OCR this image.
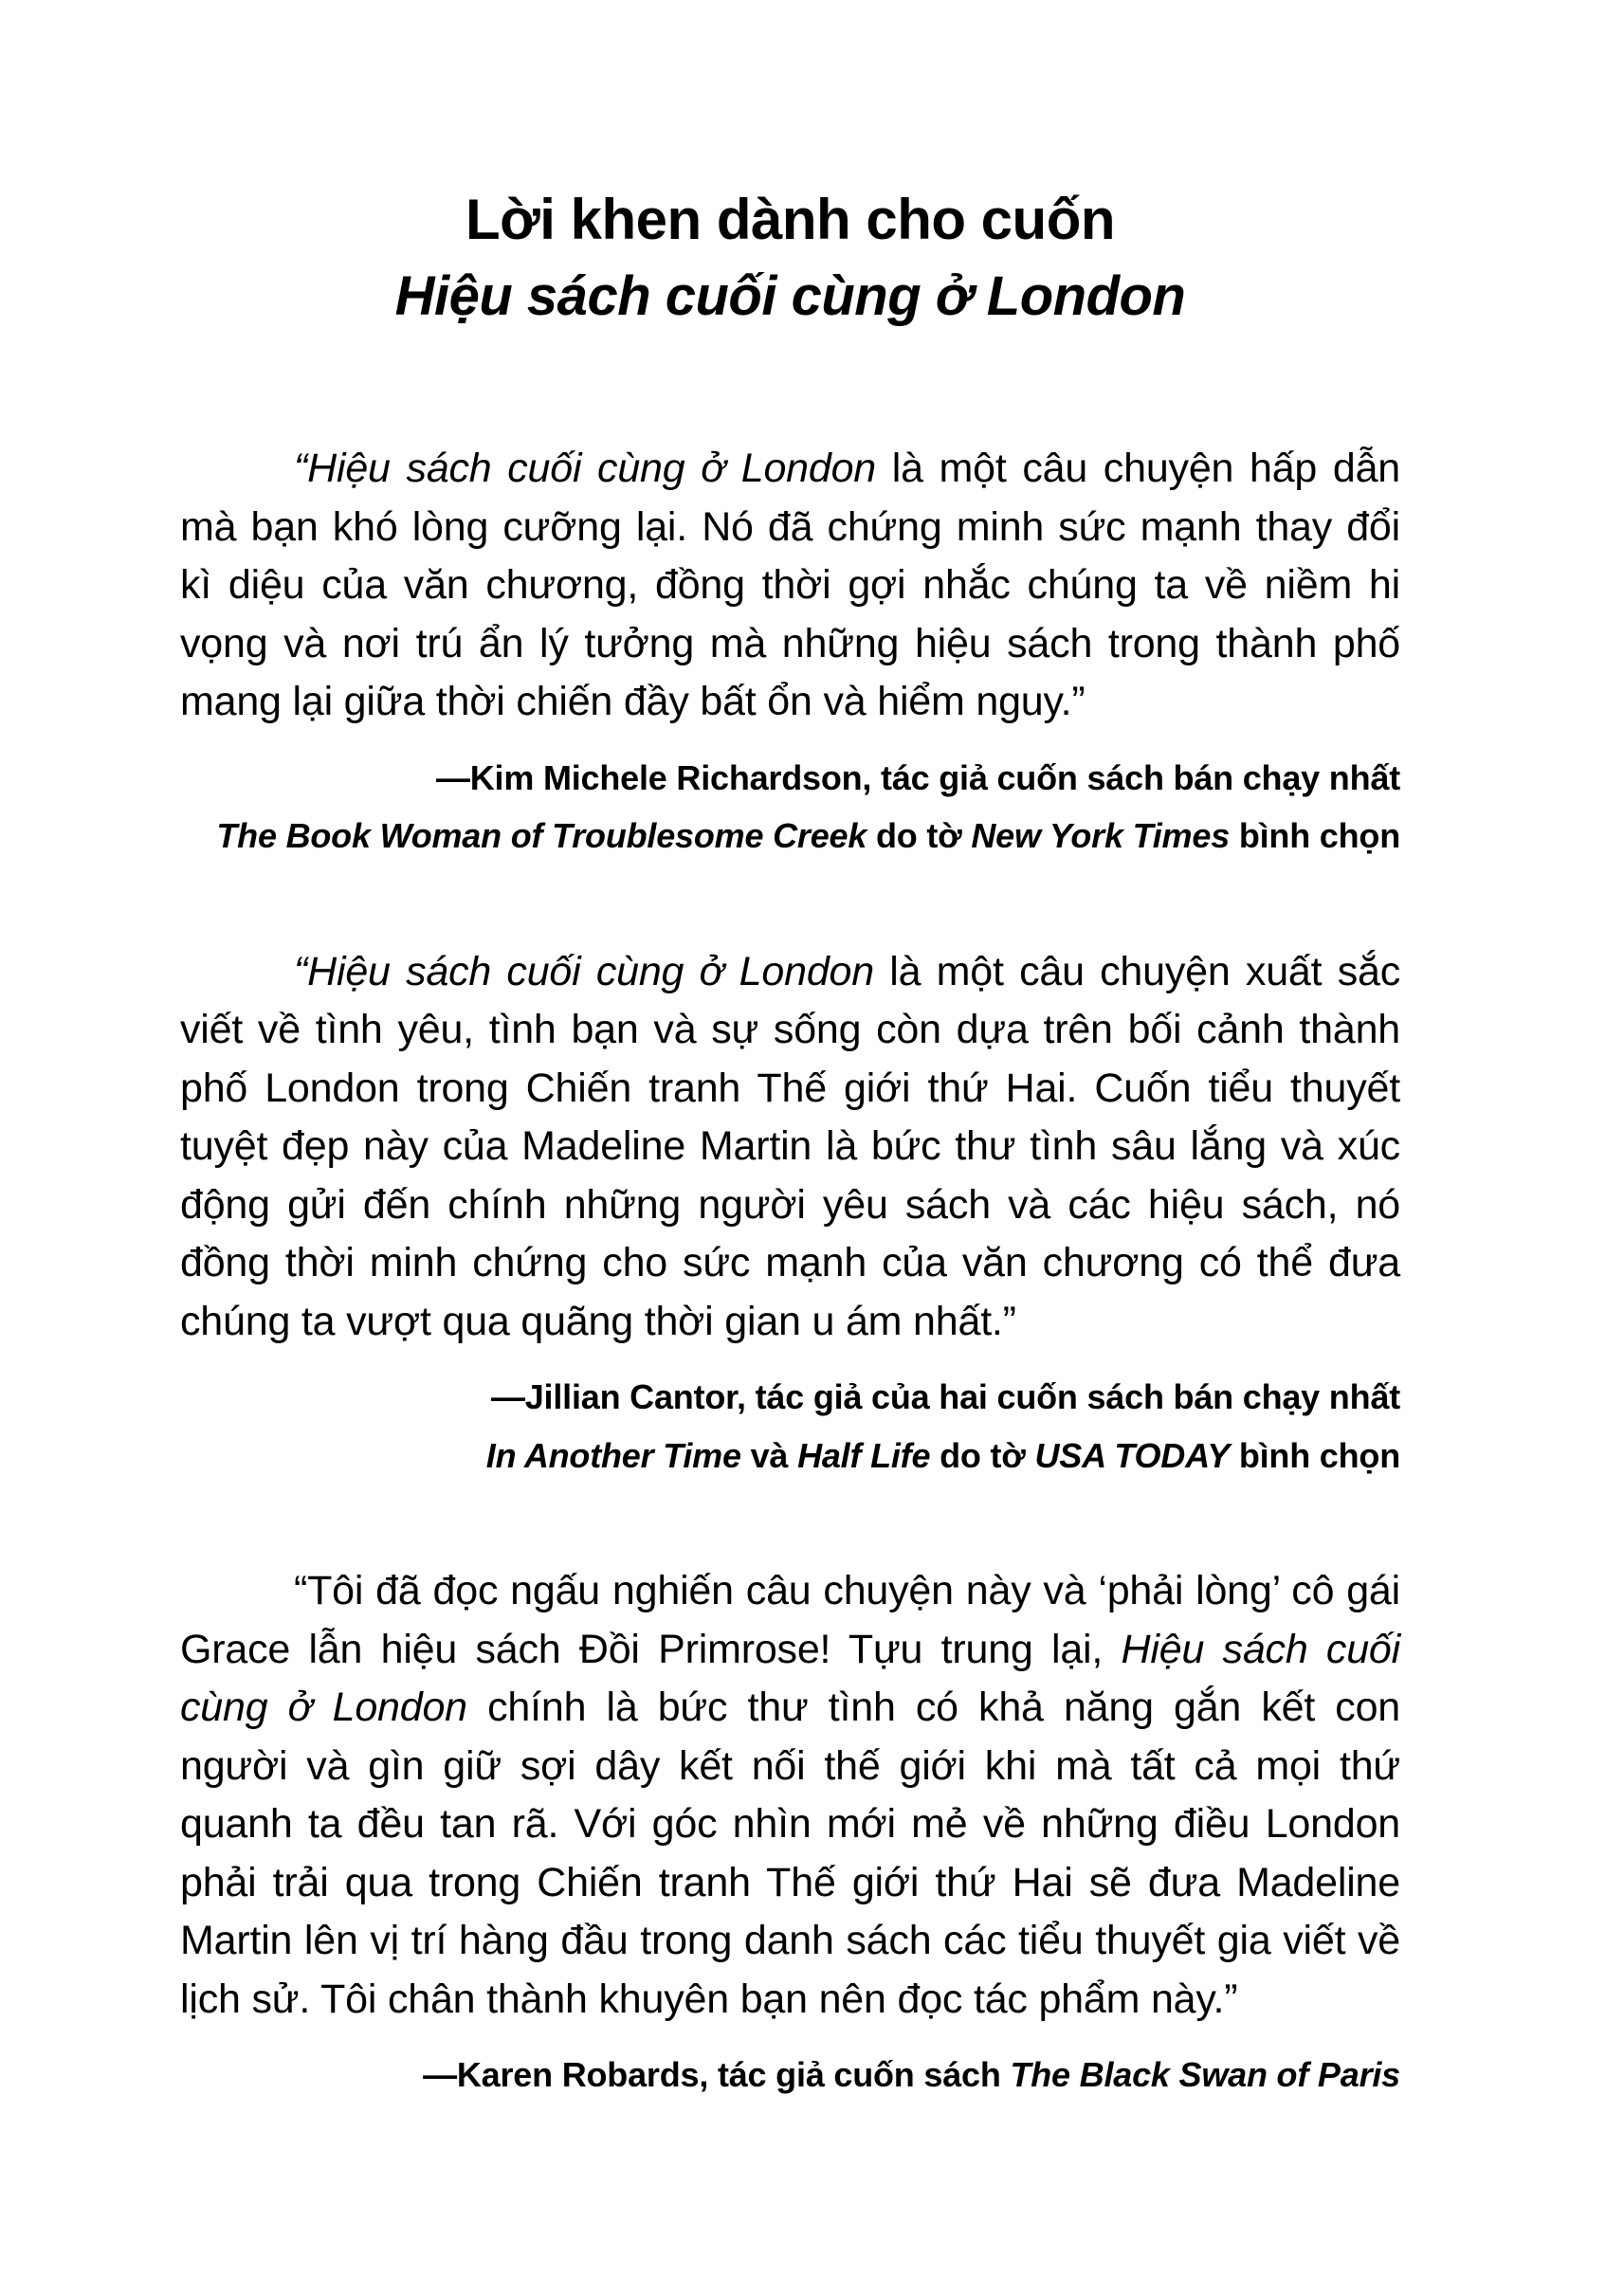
Lời khen dành cho cuốn
Hiệu sách cuối cùng ở London

“Hiệu sách cuối cùng ở London là một câu chuyện hấp dẫn mà bạn khó lòng cưỡng lại. Nó đã chứng minh sức mạnh thay đổi kì diệu của văn chương, đồng thời gợi nhắc chúng ta về niềm hi vọng và nơi trú ẩn lý tưởng mà những hiệu sách trong thành phố mang lại giữa thời chiến đầy bất ổn và hiểm nguy.”

—Kim Michele Richardson, tác giả cuốn sách bán chạy nhất
The Book Woman of Troublesome Creek do tờ New York Times bình chọn

“Hiệu sách cuối cùng ở London là một câu chuyện xuất sắc viết về tình yêu, tình bạn và sự sống còn dựa trên bối cảnh thành phố London trong Chiến tranh Thế giới thứ Hai. Cuốn tiểu thuyết tuyệt đẹp này của Madeline Martin là bức thư tình sâu lắng và xúc động gửi đến chính những người yêu sách và các hiệu sách, nó đồng thời minh chứng cho sức mạnh của văn chương có thể đưa chúng ta vượt qua quãng thời gian u ám nhất.”

—Jillian Cantor, tác giả của hai cuốn sách bán chạy nhất
In Another Time và Half Life do tờ USA TODAY bình chọn

“Tôi đã đọc ngấu nghiến câu chuyện này và ‘phải lòng’ cô gái Grace lẫn hiệu sách Đồi Primrose! Tựu trung lại, Hiệu sách cuối cùng ở London chính là bức thư tình có khả năng gắn kết con người và gìn giữ sợi dây kết nối thế giới khi mà tất cả mọi thứ quanh ta đều tan rã. Với góc nhìn mới mẻ về những điều London phải trải qua trong Chiến tranh Thế giới thứ Hai sẽ đưa Madeline Martin lên vị trí hàng đầu trong danh sách các tiểu thuyết gia viết về lịch sử. Tôi chân thành khuyên bạn nên đọc tác phẩm này.”

—Karen Robards, tác giả cuốn sách The Black Swan of Paris
